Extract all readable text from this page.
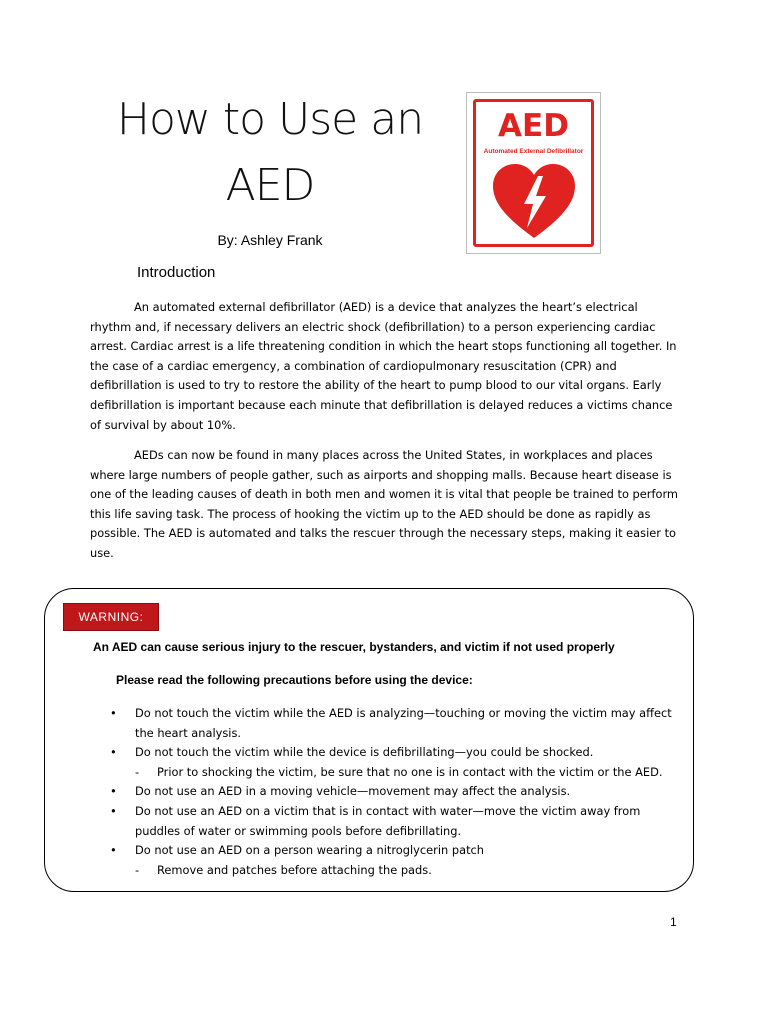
How to Use an
AED
By: Ashley Frank
AED
Automated External Defibrillator
Introduction

An automated external defibrillator (AED) is a device that analyzes the heart’s electrical rhythm and, if necessary delivers an electric shock (defibrillation) to a person experiencing cardiac arrest. Cardiac arrest is a life threatening condition in which the heart stops functioning all together. In the case of a cardiac emergency, a combination of cardiopulmonary resuscitation (CPR) and defibrillation is used to try to restore the ability of the heart to pump blood to our vital organs. Early defibrillation is important because each minute that defibrillation is delayed reduces a victims chance of survival by about 10%.

AEDs can now be found in many places across the United States, in workplaces and places where large numbers of people gather, such as airports and shopping malls. Because heart disease is one of the leading causes of death in both men and women it is vital that people be trained to perform this life saving task. The process of hooking the victim up to the AED should be done as rapidly as possible. The AED is automated and talks the rescuer through the necessary steps, making it easier to use.

WARNING:
An AED can cause serious injury to the rescuer, bystanders, and victim if not used properly
Please read the following precautions before using the device:
• Do not touch the victim while the AED is analyzing—touching or moving the victim may affect the heart analysis.
• Do not touch the victim while the device is defibrillating—you could be shocked.
- Prior to shocking the victim, be sure that no one is in contact with the victim or the AED.
• Do not use an AED in a moving vehicle—movement may affect the analysis.
• Do not use an AED on a victim that is in contact with water—move the victim away from puddles of water or swimming pools before defibrillating.
• Do not use an AED on a person wearing a nitroglycerin patch
- Remove and patches before attaching the pads.
1
